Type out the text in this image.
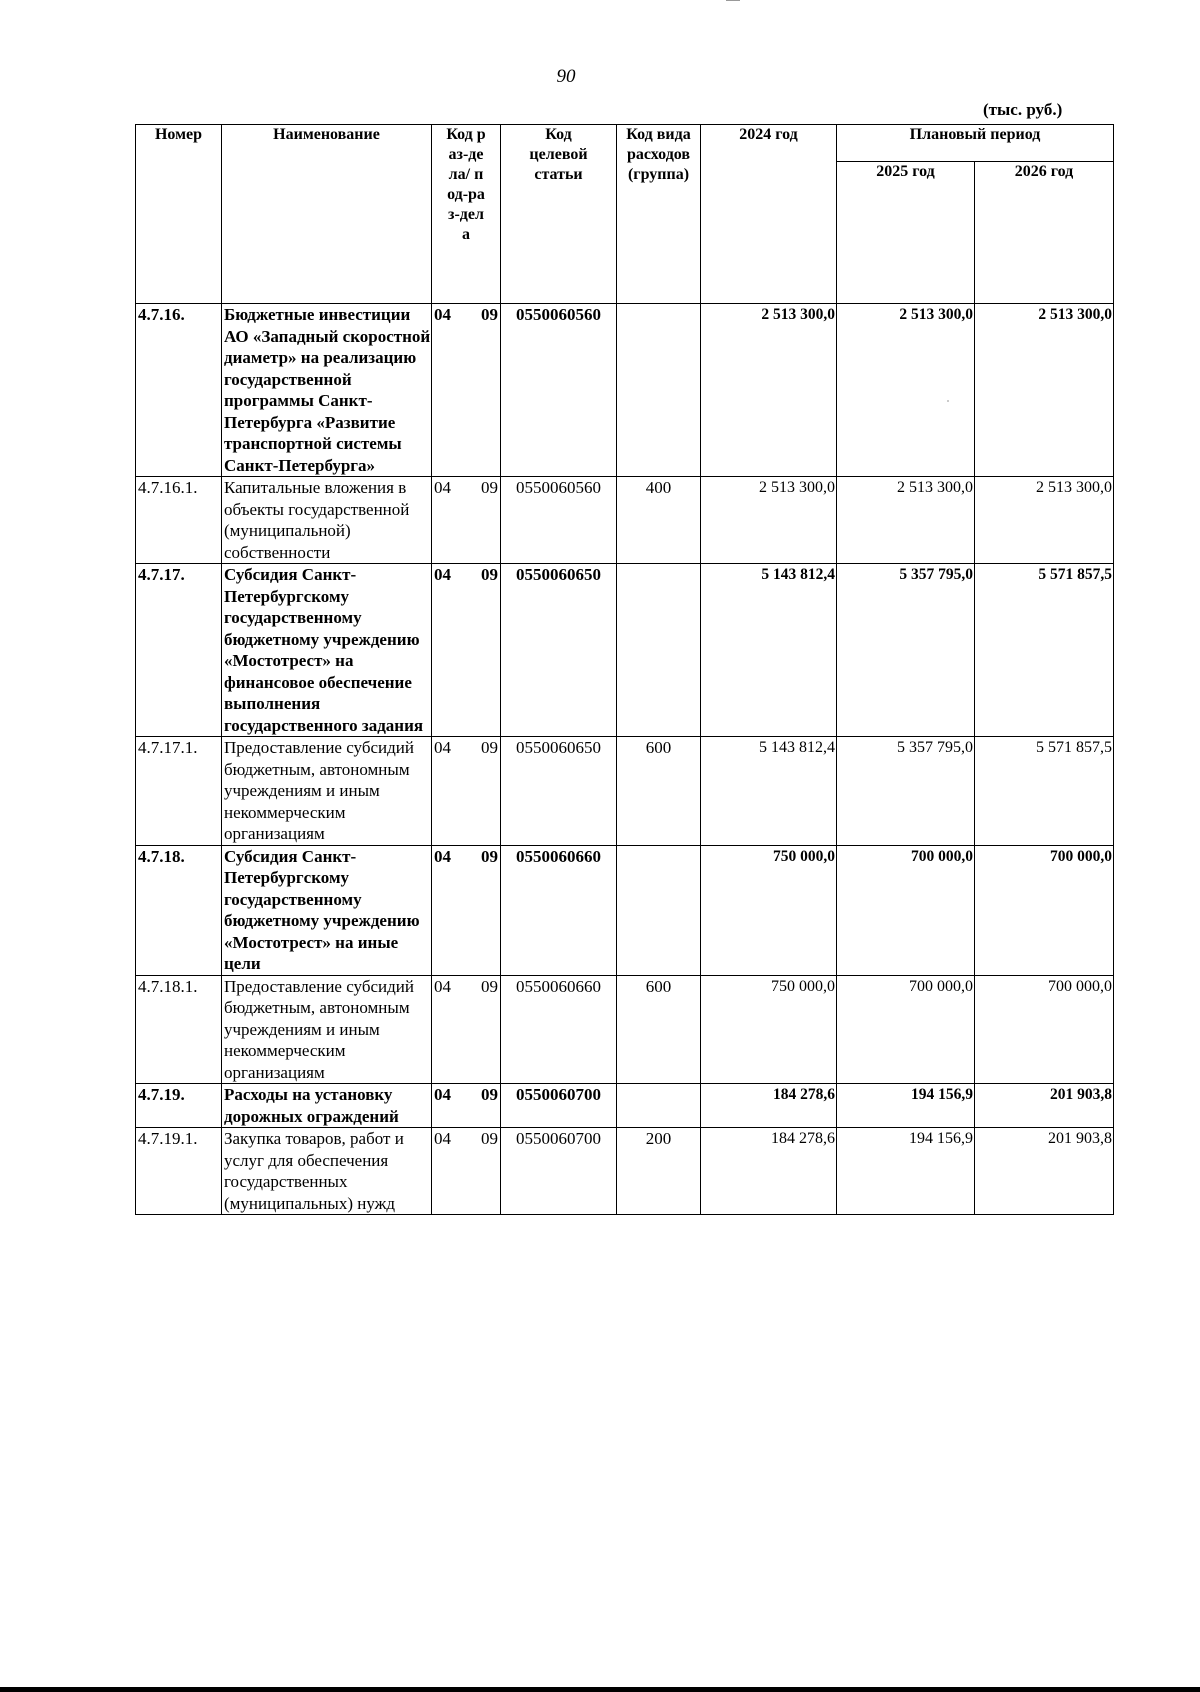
90
(тыс. руб.)
Номер	Наименование	Код раз-дела/ под-раз-дела	Код целевой статьи	Код вида расходов (группа)	2024 год	Плановый период	
						2025 год	2026 год
4.7.16.	Бюджетные инвестиции АО «Западный скоростной диаметр» на реализацию государственной программы Санкт-Петербурга «Развитие транспортной системы Санкт-Петербурга»	04 09	0550060560		2 513 300,0	2 513 300,0	2 513 300,0
4.7.16.1.	Капитальные вложения в объекты государственной (муниципальной) собственности	04 09	0550060560	400	2 513 300,0	2 513 300,0	2 513 300,0
4.7.17.	Субсидия Санкт-Петербургскому государственному бюджетному учреждению «Мостотрест» на финансовое обеспечение выполнения государственного задания	04 09	0550060650		5 143 812,4	5 357 795,0	5 571 857,5
4.7.17.1.	Предоставление субсидий бюджетным, автономным учреждениям и иным некоммерческим организациям	04 09	0550060650	600	5 143 812,4	5 357 795,0	5 571 857,5
4.7.18.	Субсидия Санкт-Петербургскому государственному бюджетному учреждению «Мостотрест» на иные цели	04 09	0550060660		750 000,0	700 000,0	700 000,0
4.7.18.1.	Предоставление субсидий бюджетным, автономным учреждениям и иным некоммерческим организациям	04 09	0550060660	600	750 000,0	700 000,0	700 000,0
4.7.19.	Расходы на установку дорожных ограждений	04 09	0550060700		184 278,6	194 156,9	201 903,8
4.7.19.1.	Закупка товаров, работ и услуг для обеспечения государственных (муниципальных) нужд	04 09	0550060700	200	184 278,6	194 156,9	201 903,8
